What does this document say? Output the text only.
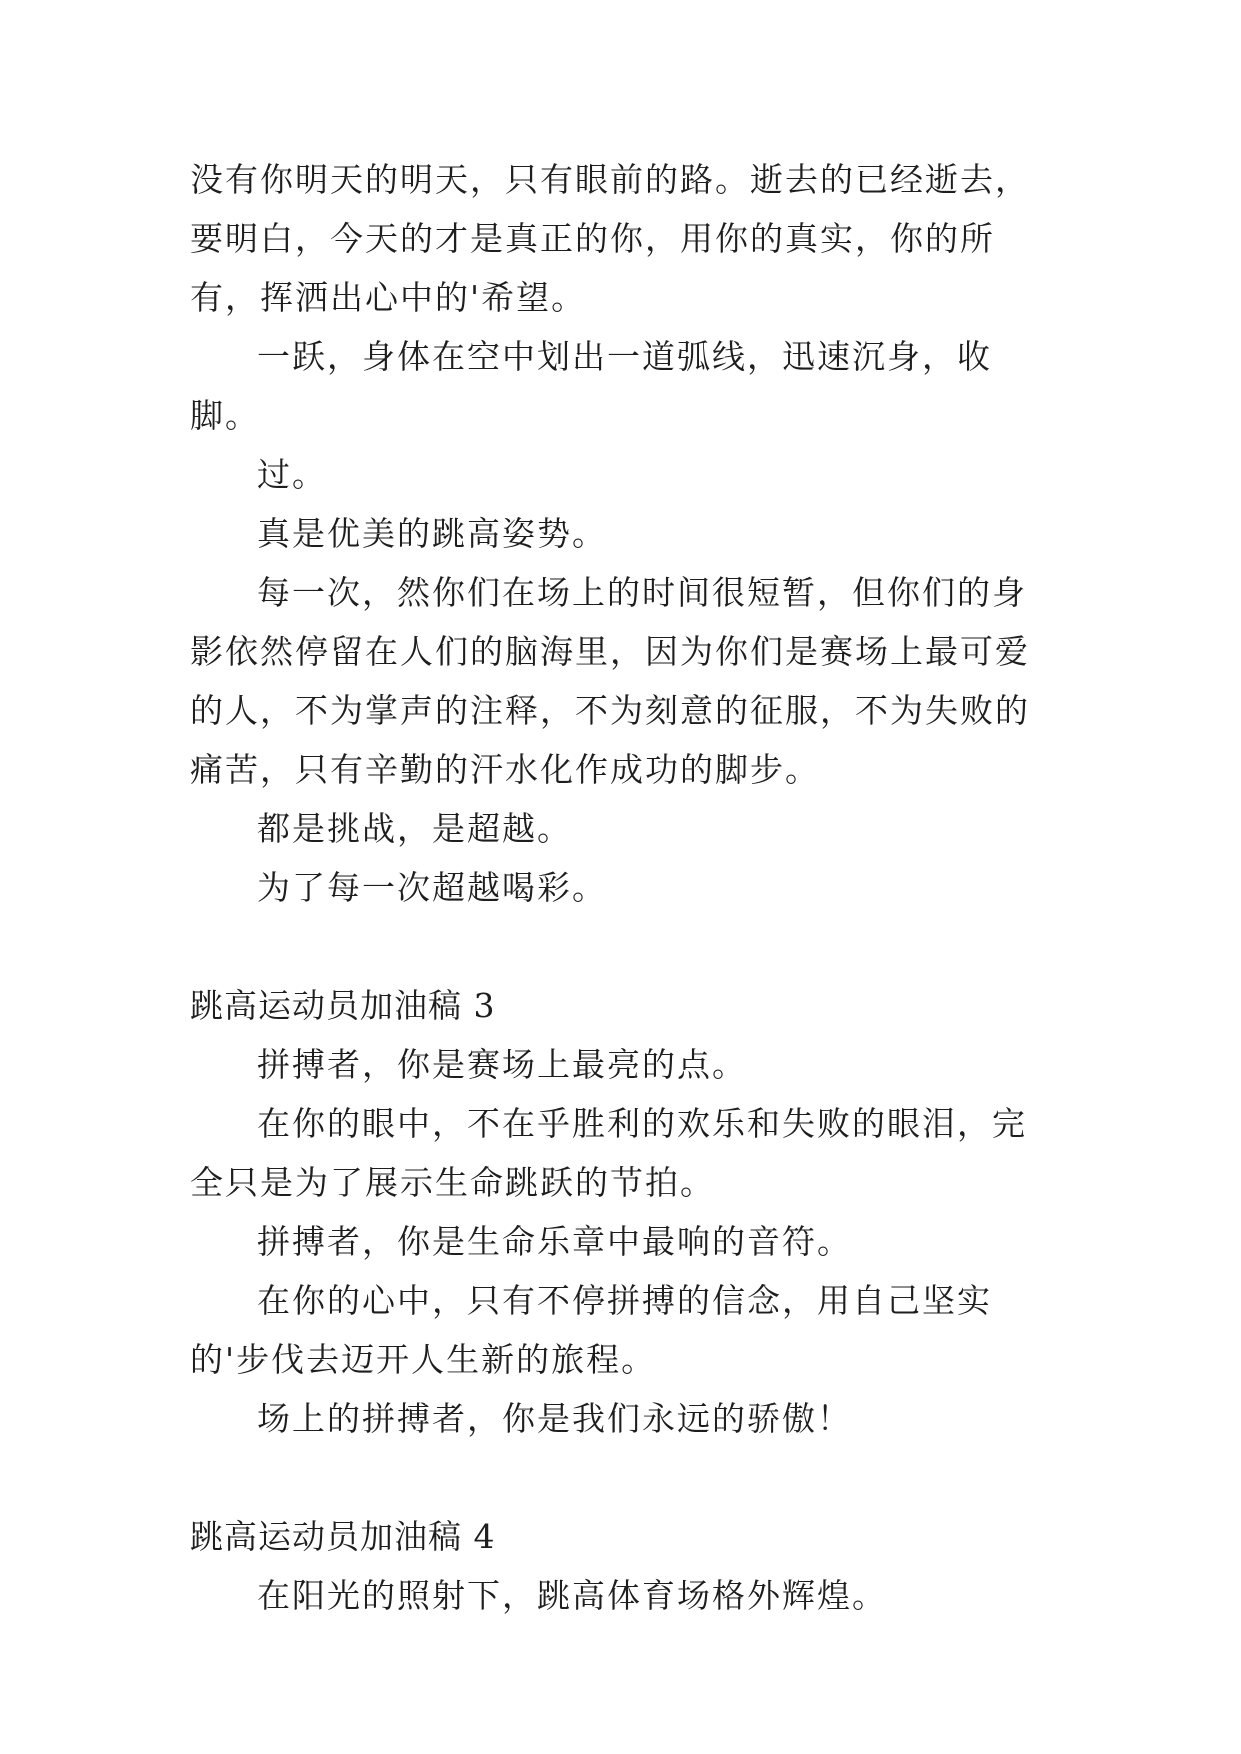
没有你明天的明天，只有眼前的路。逝去的已经逝去，要明白，今天的才是真正的你，用你的真实，你的所有，挥洒出心中的'希望。

一跃，身体在空中划出一道弧线，迅速沉身，收脚。

过。

真是优美的跳高姿势。

每一次，然你们在场上的时间很短暂，但你们的身影依然停留在人们的脑海里，因为你们是赛场上最可爱的人，不为掌声的注释，不为刻意的征服，不为失败的痛苦，只有辛勤的汗水化作成功的脚步。

都是挑战，是超越。

为了每一次超越喝彩。

跳高运动员加油稿 3

拼搏者，你是赛场上最亮的点。

在你的眼中，不在乎胜利的欢乐和失败的眼泪，完全只是为了展示生命跳跃的节拍。

拼搏者，你是生命乐章中最响的音符。

在你的心中，只有不停拼搏的信念，用自己坚实的'步伐去迈开人生新的旅程。

场上的拼搏者，你是我们永远的骄傲！

跳高运动员加油稿 4

在阳光的照射下，跳高体育场格外辉煌。
